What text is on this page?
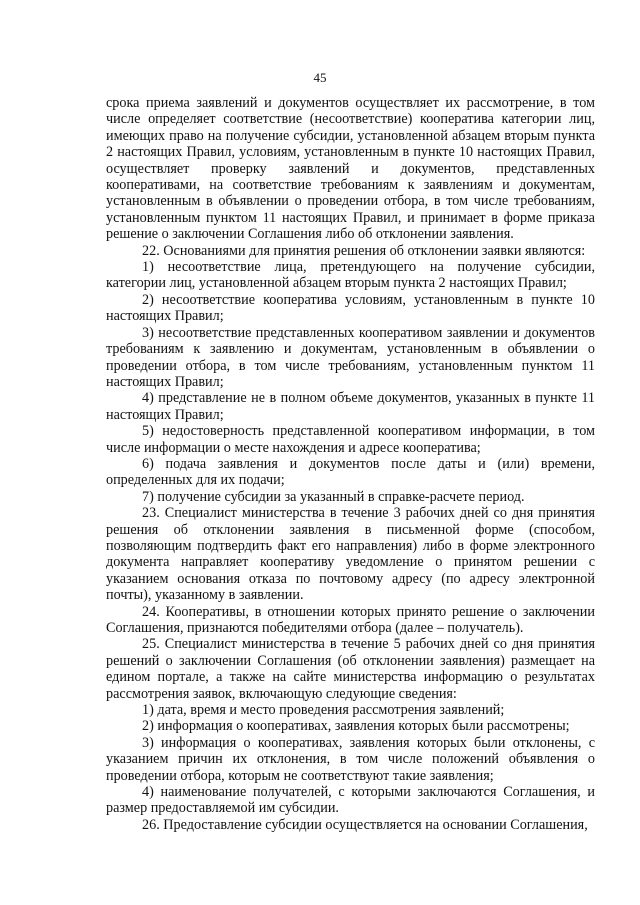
45

срока приема заявлений и документов осуществляет их рассмотрение, в том числе определяет соответствие (несоответствие) кооператива категории лиц, имеющих право на получение субсидии, установленной абзацем вторым пункта 2 настоящих Правил, условиям, установленным в пункте 10 настоящих Правил, осуществляет проверку заявлений и документов, представленных кооперативами, на соответствие требованиям к заявлениям и документам, установленным в объявлении о проведении отбора, в том числе требованиям, установленным пунктом 11 настоящих Правил, и принимает в форме приказа решение о заключении Соглашения либо об отклонении заявления.

22. Основаниями для принятия решения об отклонении заявки являются:

1) несоответствие лица, претендующего на получение субсидии, категории лиц, установленной абзацем вторым пункта 2 настоящих Правил;

2) несоответствие кооператива условиям, установленным в пункте 10 настоящих Правил;

3) несоответствие представленных кооперативом заявлении и документов требованиям к заявлению и документам, установленным в объявлении о проведении отбора, в том числе требованиям, установленным пунктом 11 настоящих Правил;

4) представление не в полном объеме документов, указанных в пункте 11 настоящих Правил;

5) недостоверность представленной кооперативом информации, в том числе информации о месте нахождения и адресе кооператива;

6) подача заявления и документов после даты и (или) времени, определенных для их подачи;

7) получение субсидии за указанный в справке-расчете период.

23. Специалист министерства в течение 3 рабочих дней со дня принятия решения об отклонении заявления в письменной форме (способом, позволяющим подтвердить факт его направления) либо в форме электронного документа направляет кооперативу уведомление о принятом решении с указанием основания отказа по почтовому адресу (по адресу электронной почты), указанному в заявлении.

24. Кооперативы, в отношении которых принято решение о заключении Соглашения, признаются победителями отбора (далее – получатель).

25. Специалист министерства в течение 5 рабочих дней со дня принятия решений о заключении Соглашения (об отклонении заявления) размещает на едином портале, а также на сайте министерства информацию о результатах рассмотрения заявок, включающую следующие сведения:

1) дата, время и место проведения рассмотрения заявлений;

2) информация о кооперативах, заявления которых были рассмотрены;

3) информация о кооперативах, заявления которых были отклонены, с указанием причин их отклонения, в том числе положений объявления о проведении отбора, которым не соответствуют такие заявления;

4) наименование получателей, с которыми заключаются Соглашения, и размер предоставляемой им субсидии.

26. Предоставление субсидии осуществляется на основании Соглашения,
